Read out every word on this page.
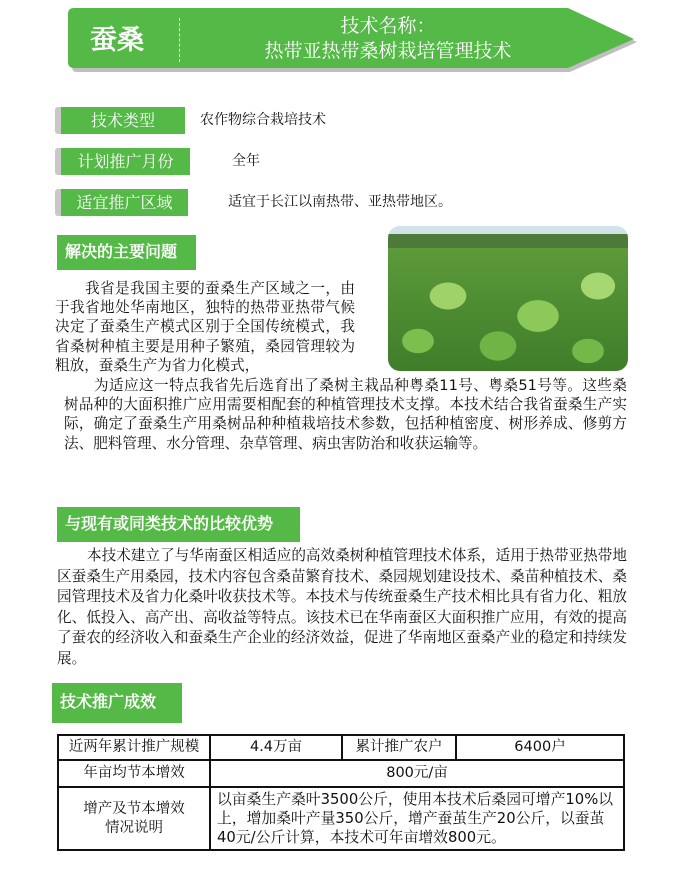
蚕桑	技术名称：
热带亚热带桑树栽培管理技术
技术类型	农作物综合栽培技术
计划推广月份	全年
适宜推广区域	适宜于长江以南热带、亚热带地区。
解决的主要问题
我省是我国主要的蚕桑生产区域之一，由于我省地处华南地区，独特的热带亚热带气候决定了蚕桑生产模式区别于全国传统模式，我省桑树种植主要是用种子繁殖，桑园管理较为粗放，蚕桑生产为省力化模式，
为适应这一特点我省先后选育出了桑树主栽品种粤桑11号、粤桑51号等。这些桑树品种的大面积推广应用需要相配套的种植管理技术支撑。本技术结合我省蚕桑生产实际，确定了蚕桑生产用桑树品种种植栽培技术参数，包括种植密度、树形养成、修剪方法、肥料管理、水分管理、杂草管理、病虫害防治和收获运输等。
与现有或同类技术的比较优势
本技术建立了与华南蚕区相适应的高效桑树种植管理技术体系，适用于热带亚热带地区蚕桑生产用桑园，技术内容包含桑苗繁育技术、桑园规划建设技术、桑苗种植技术、桑园管理技术及省力化桑叶收获技术等。本技术与传统蚕桑生产技术相比具有省力化、粗放化、低投入、高产出、高收益等特点。该技术已在华南蚕区大面积推广应用，有效的提高了蚕农的经济收入和蚕桑生产企业的经济效益，促进了华南地区蚕桑产业的稳定和持续发展。
技术推广成效
近两年累计推广规模	4.4万亩	累计推广农户	6400户
年亩均节本增效	800元/亩		
增产及节本增效情况说明	以亩桑生产桑叶3500公斤，使用本技术后桑园可增产10%以上，增加桑叶产量350公斤，增产蚕茧生产20公斤，以蚕茧40元/公斤计算，本技术可年亩增效800元。		
